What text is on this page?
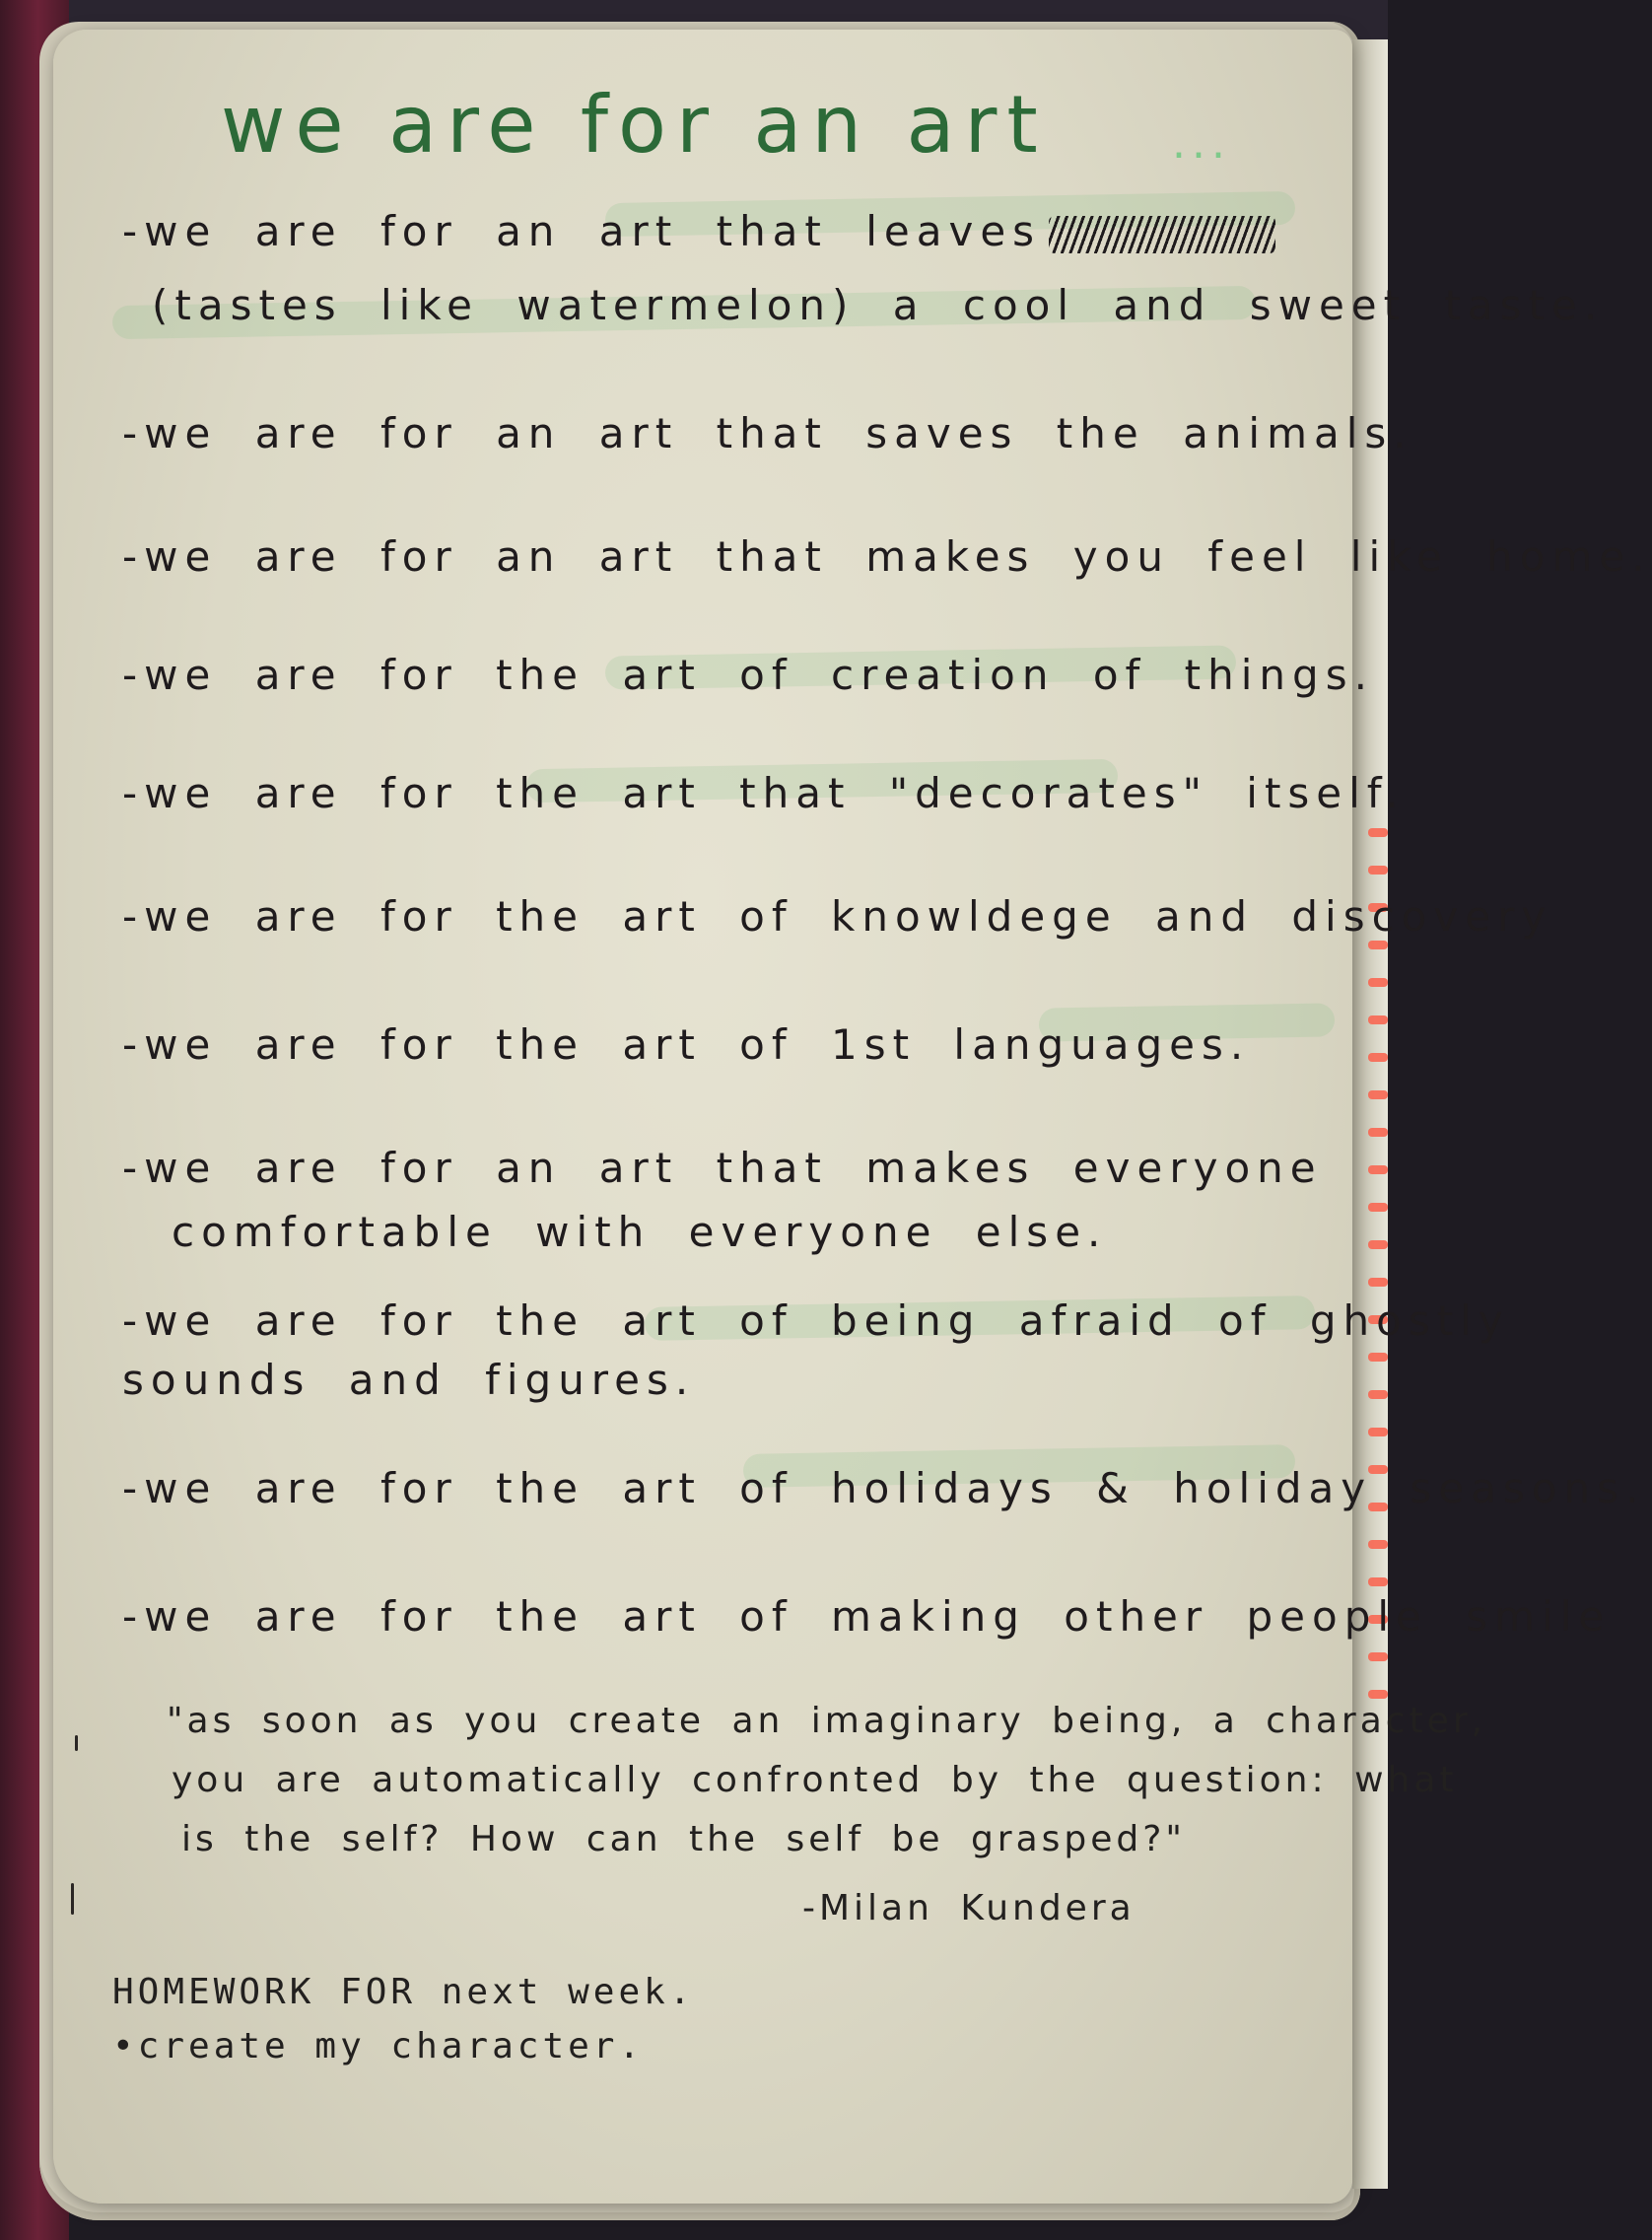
we are for an art	...
-we are for an art that leaves
(tastes like watermelon) a cool and sweet taste.
-we are for an art that saves the animals.
-we are for an art that makes you feel like home.
-we are for the art of creation of things.
-we are for the art that "decorates" itself.
-we are for the art of knowldege and discovery
-we are for the art of 1st languages.
-we are for an art that makes everyone
comfortable with everyone else.
-we are for the art of being afraid of ghostly
sounds and figures.
-we are for the art of holidays & holiday seasons.
-we are for the art of making other people smile
"as soon as you create an imaginary being, a character,
you are automatically confronted by the question: what
is the self? How can the self be grasped?"
-Milan Kundera
HOMEWORK FOR next week.
•create my character.
